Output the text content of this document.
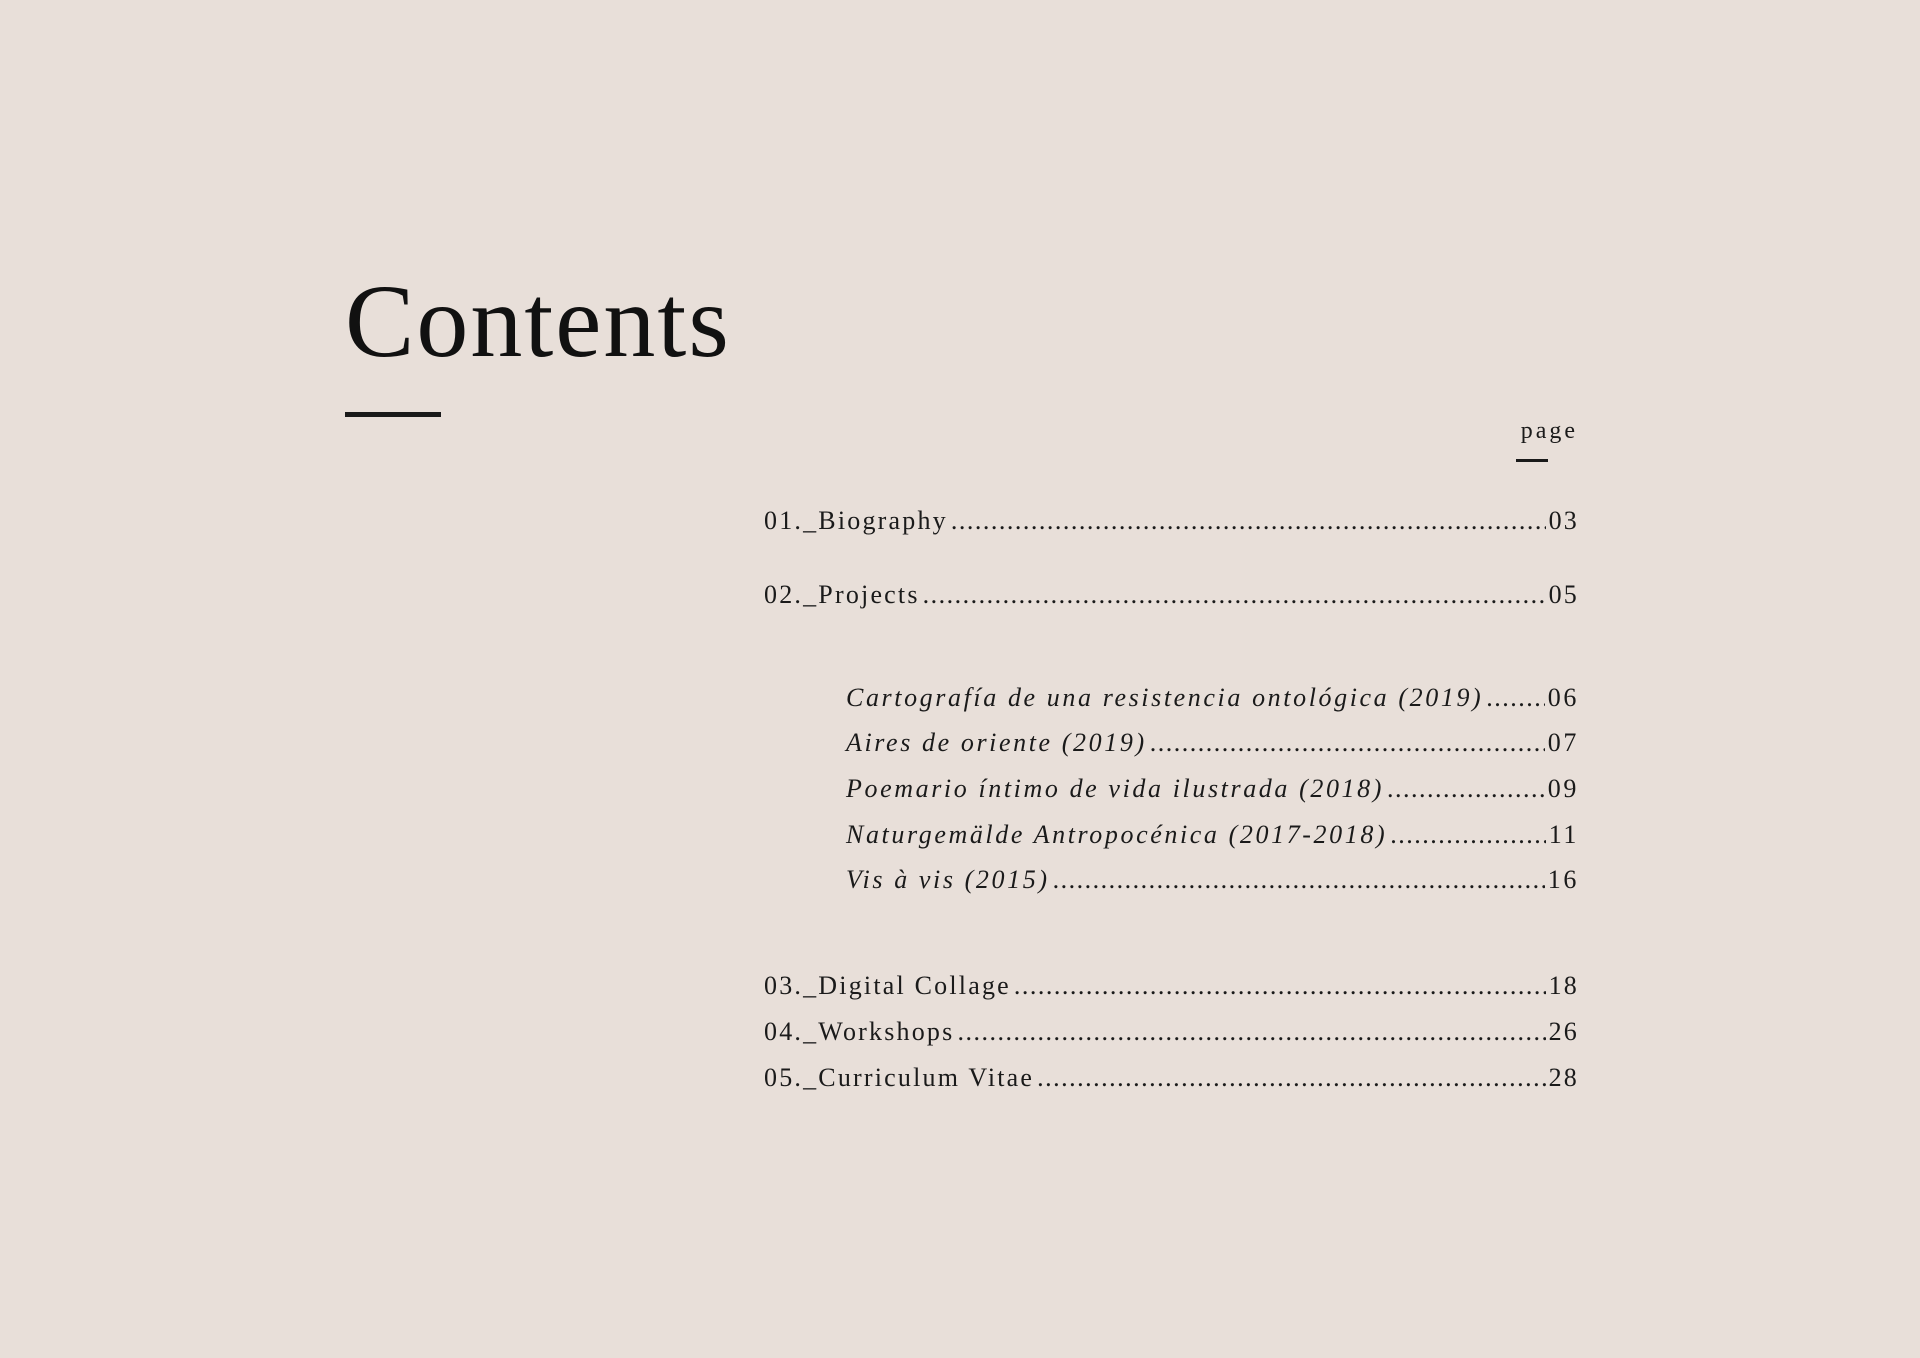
Contents
page
01._Biography .....	03
02._Projects .....	05
Cartografía de una resistencia ontológica (2019) ..... 06
Aires de oriente (2019) .....	07
Poemario íntimo de vida ilustrada (2018) .....	09
Naturgemälde Antropocénica (2017-2018) .....	11
Vis à vis (2015) .....	16
03._Digital Collage .....	18
04._Workshops .....	26
05._Curriculum Vitae .....	28
